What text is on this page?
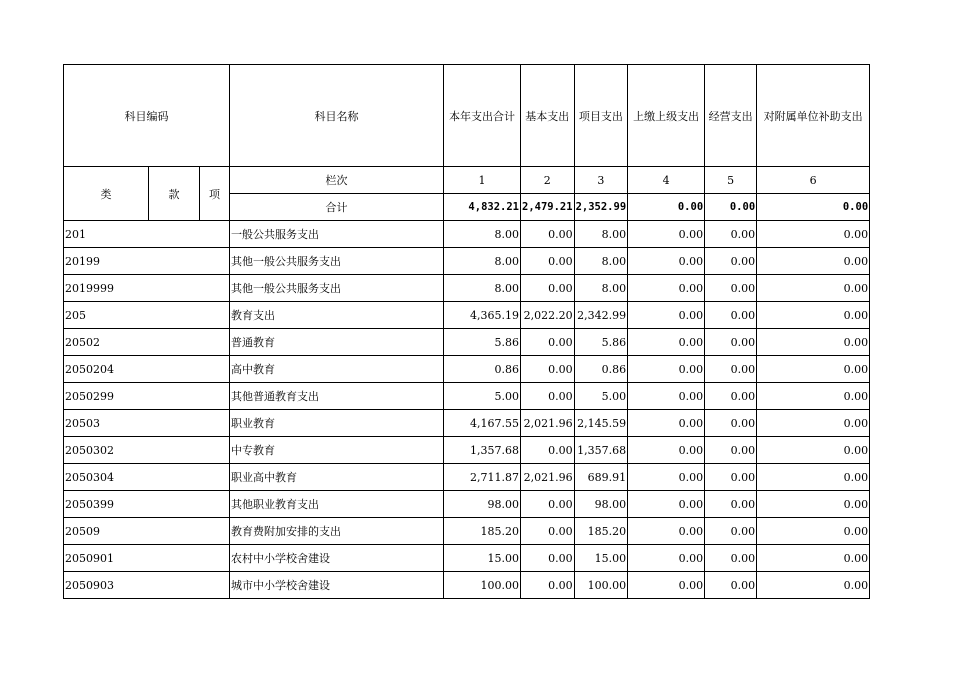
科目编码			科目名称	本年支出合计	基本支出	项目支出	上缴上级支出	经营支出	对附属单位补助支出
类	款	项	栏次	1	2	3	4	5	6
			合计	4,832.21	2,479.21	2,352.99	0.00	0.00	0.00
201			一般公共服务支出	8.00	0.00	8.00	0.00	0.00	0.00
20199			其他一般公共服务支出	8.00	0.00	8.00	0.00	0.00	0.00
2019999			其他一般公共服务支出	8.00	0.00	8.00	0.00	0.00	0.00
205			教育支出	4,365.19	2,022.20	2,342.99	0.00	0.00	0.00
20502			普通教育	5.86	0.00	5.86	0.00	0.00	0.00
2050204			高中教育	0.86	0.00	0.86	0.00	0.00	0.00
2050299			其他普通教育支出	5.00	0.00	5.00	0.00	0.00	0.00
20503			职业教育	4,167.55	2,021.96	2,145.59	0.00	0.00	0.00
2050302			中专教育	1,357.68	0.00	1,357.68	0.00	0.00	0.00
2050304			职业高中教育	2,711.87	2,021.96	689.91	0.00	0.00	0.00
2050399			其他职业教育支出	98.00	0.00	98.00	0.00	0.00	0.00
20509			教育费附加安排的支出	185.20	0.00	185.20	0.00	0.00	0.00
2050901			农村中小学校舍建设	15.00	0.00	15.00	0.00	0.00	0.00
2050903			城市中小学校舍建设	100.00	0.00	100.00	0.00	0.00	0.00
